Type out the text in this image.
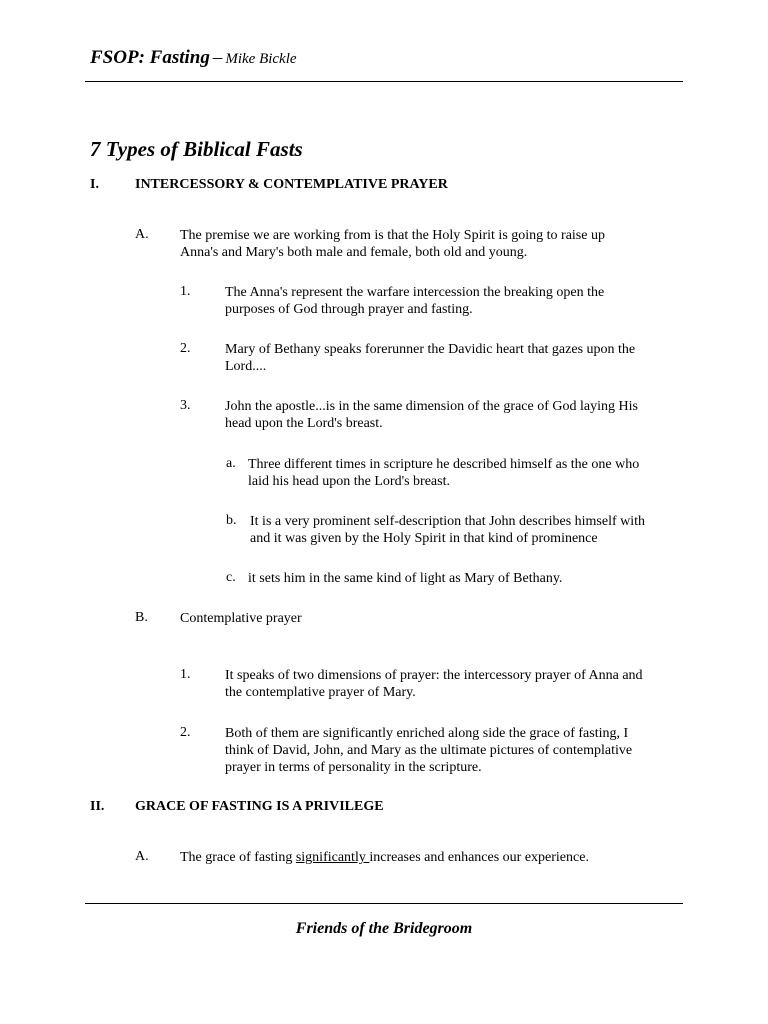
FSOP: Fasting – Mike Bickle
7 Types of Biblical Fasts
I.	INTERCESSORY & CONTEMPLATIVE PRAYER
A. The premise we are working from is that the Holy Spirit is going to raise up
Anna's and Mary's both male and female, both old and young.
1. The Anna's represent the warfare intercession the breaking open the
purposes of God through prayer and fasting.
2. Mary of Bethany speaks forerunner the Davidic heart that gazes upon the
Lord....
3. John the apostle...is in the same dimension of the grace of God laying His
head upon the Lord's breast.
a. Three different times in scripture he described himself as the one who
laid his head upon the Lord's breast.
b. It is a very prominent self-description that John describes himself with
and it was given by the Holy Spirit in that kind of prominence
c. it sets him in the same kind of light as Mary of Bethany.
B. Contemplative prayer
1. It speaks of two dimensions of prayer: the intercessory prayer of Anna and
the contemplative prayer of Mary.
2. Both of them are significantly enriched along side the grace of fasting, I
think of David, John, and Mary as the ultimate pictures of contemplative
prayer in terms of personality in the scripture.
II. GRACE OF FASTING IS A PRIVILEGE
A. The grace of fasting significantly increases and enhances our experience.
Friends of the Bridegroom
